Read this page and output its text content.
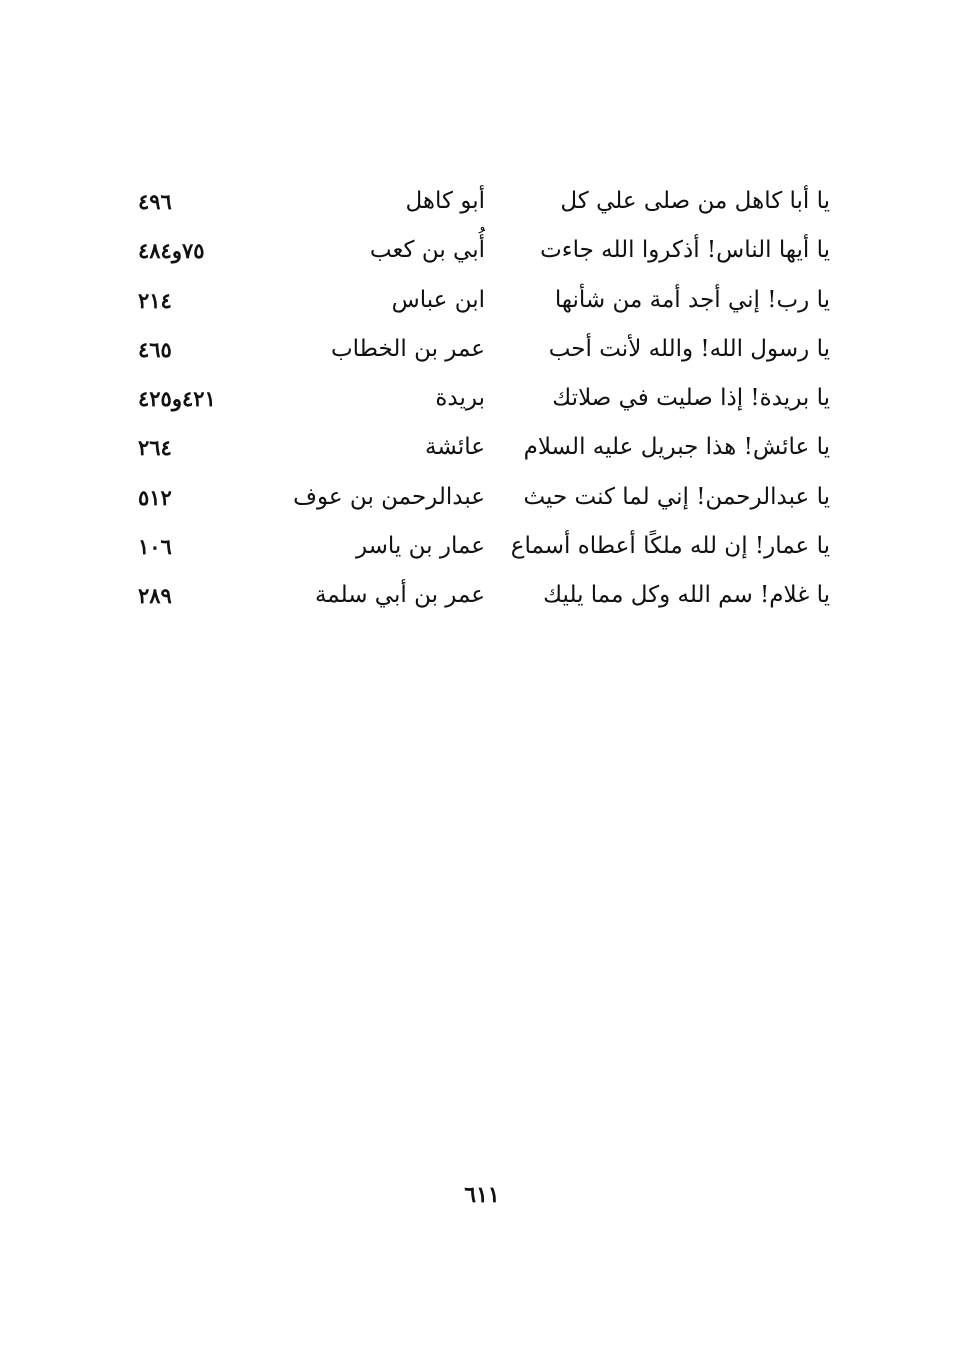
يا أبا كاهل من صلى علي كل
أبو كاهل
٤٩٦
يا أيها الناس! أذكروا الله جاءت
أُبي بن كعب
٧٥و٤٨٤
يا رب! إني أجد أمة من شأنها
ابن عباس
٢١٤
يا رسول الله! والله لأنت أحب
عمر بن الخطاب
٤٦٥
يا بريدة! إذا صليت في صلاتك
بريدة
٤٢١و٤٢٥
يا عائش! هذا جبريل عليه السلام
عائشة
٢٦٤
يا عبدالرحمن! إني لما كنت حيث
عبدالرحمن بن عوف
٥١٢
يا عمار! إن لله ملكًا أعطاه أسماع
عمار بن ياسر
١٠٦
يا غلام! سم الله وكل مما يليك
عمر بن أبي سلمة
٢٨٩
٦١١
